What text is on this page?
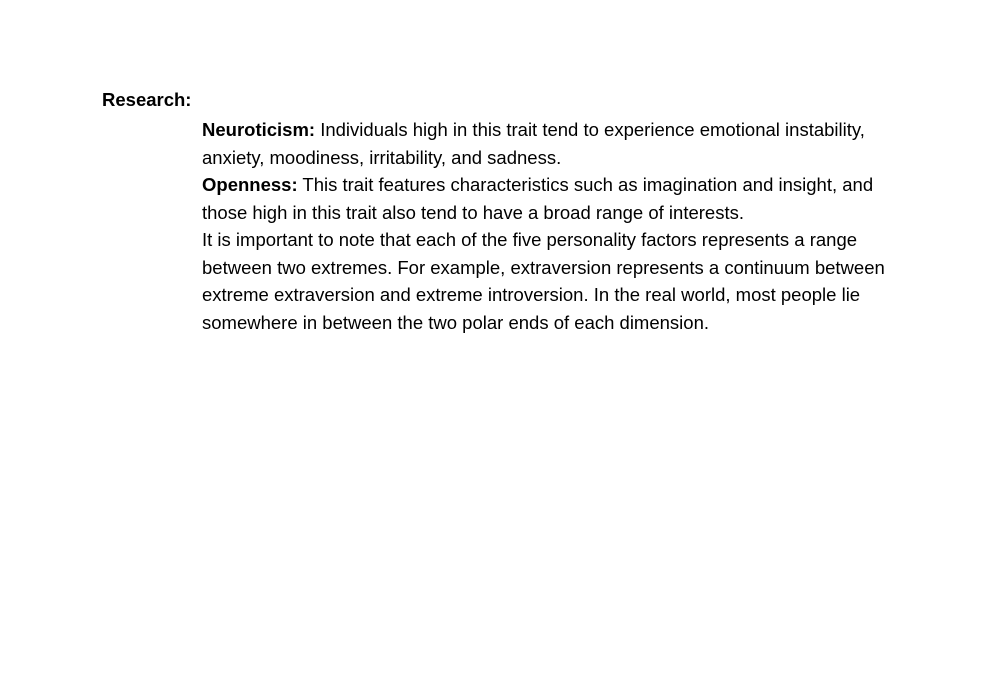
Research:

Neuroticism: Individuals high in this trait tend to experience emotional instability, anxiety, moodiness, irritability, and sadness.

Openness: This trait features characteristics such as imagination and insight, and those high in this trait also tend to have a broad range of interests.

It is important to note that each of the five personality factors represents a range between two extremes. For example, extraversion represents a continuum between extreme extraversion and extreme introversion. In the real world, most people lie somewhere in between the two polar ends of each dimension.
